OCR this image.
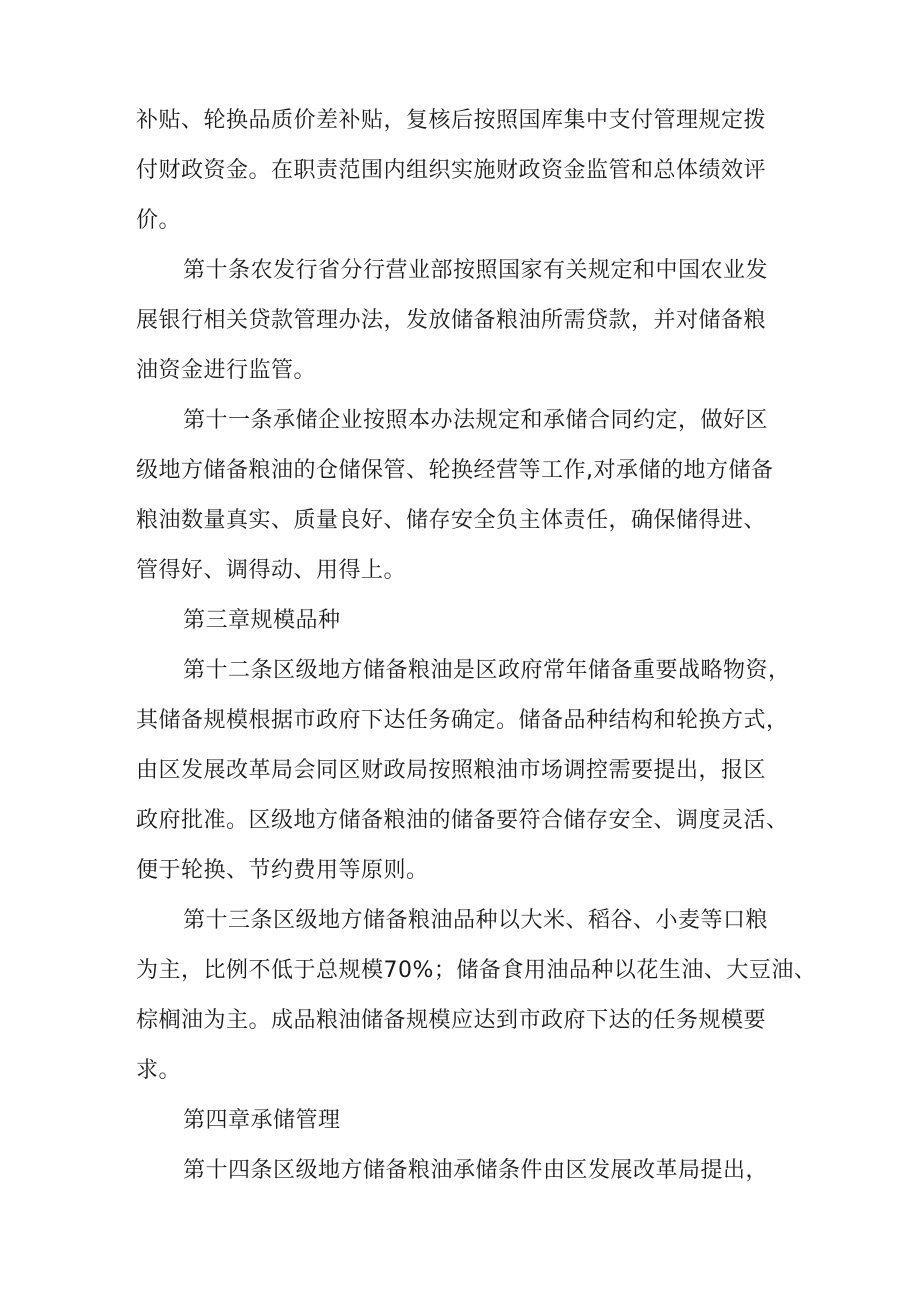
补贴、轮换品质价差补贴，复核后按照国库集中支付管理规定拨

付财政资金。在职责范围内组织实施财政资金监管和总体绩效评

价。

第十条农发行省分行营业部按照国家有关规定和中国农业发

展银行相关贷款管理办法，发放储备粮油所需贷款，并对储备粮

油资金进行监管。

第十一条承储企业按照本办法规定和承储合同约定，做好区

级地方储备粮油的仓储保管、轮换经营等工作,对承储的地方储备

粮油数量真实、质量良好、储存安全负主体责任，确保储得进、

管得好、调得动、用得上。

第三章规模品种

第十二条区级地方储备粮油是区政府常年储备重要战略物资，

其储备规模根据市政府下达任务确定。储备品种结构和轮换方式，

由区发展改革局会同区财政局按照粮油市场调控需要提出，报区

政府批准。区级地方储备粮油的储备要符合储存安全、调度灵活、

便于轮换、节约费用等原则。

第十三条区级地方储备粮油品种以大米、稻谷、小麦等口粮

为主，比例不低于总规模70%；储备食用油品种以花生油、大豆油、

棕榈油为主。成品粮油储备规模应达到市政府下达的任务规模要

求。

第四章承储管理

第十四条区级地方储备粮油承储条件由区发展改革局提出，
